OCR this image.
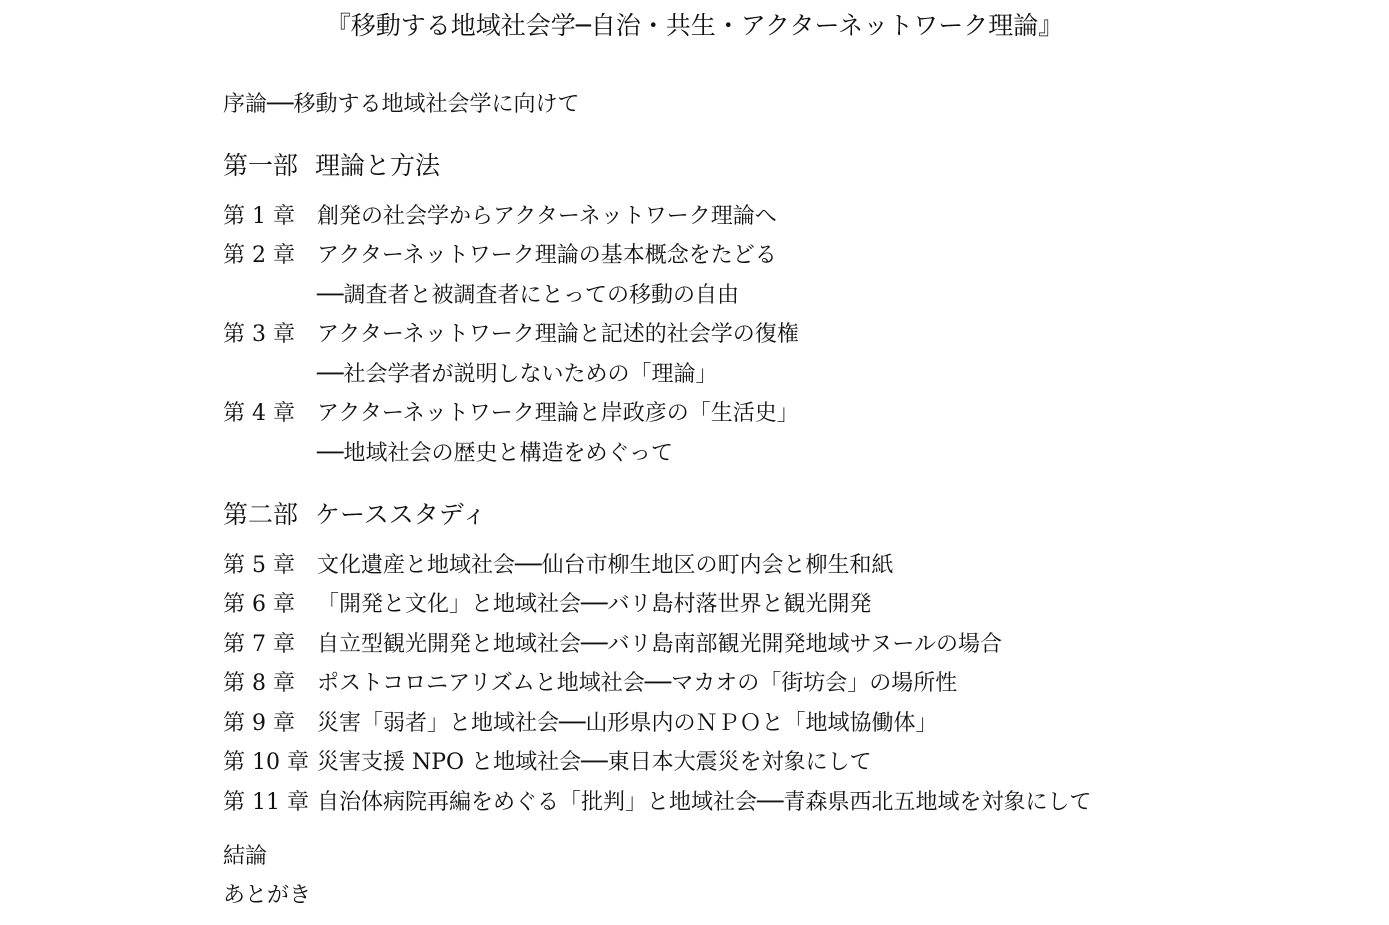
『移動する地域社会学─自治・共生・アクターネットワーク理論』
序論──移動する地域社会学に向けて
第一部 理論と方法
第 1 章 創発の社会学からアクターネットワーク理論へ
第 2 章 アクターネットワーク理論の基本概念をたどる
──調査者と被調査者にとっての移動の自由
第 3 章 アクターネットワーク理論と記述的社会学の復権
──社会学者が説明しないための「理論」
第 4 章 アクターネットワーク理論と岸政彦の「生活史」
──地域社会の歴史と構造をめぐって
第二部 ケーススタディ
第 5 章 文化遺産と地域社会──仙台市柳生地区の町内会と柳生和紙
第 6 章 「開発と文化」と地域社会──バリ島村落世界と観光開発
第 7 章 自立型観光開発と地域社会──バリ島南部観光開発地域サヌールの場合
第 8 章 ポストコロニアリズムと地域社会──マカオの「街坊会」の場所性
第 9 章 災害「弱者」と地域社会──山形県内のＮＰＯと「地域協働体」
第 10 章 災害支援 NPO と地域社会──東日本大震災を対象にして
第 11 章 自治体病院再編をめぐる「批判」と地域社会──青森県西北五地域を対象にして
結論
あとがき
